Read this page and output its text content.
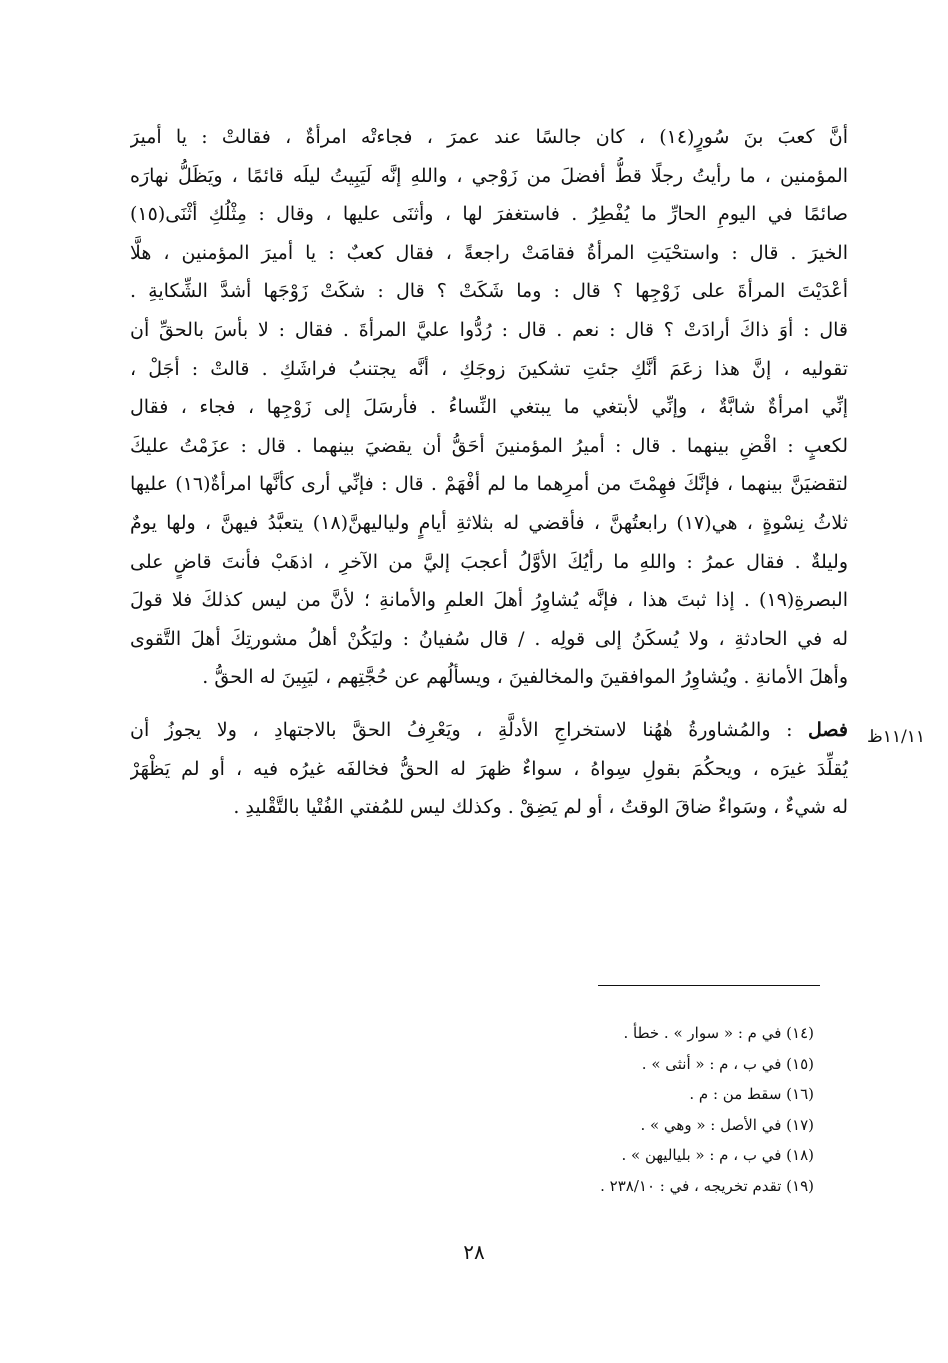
أنَّ كعبَ بنَ سُورٍ(١٤) ، كان جالسًا عند عمرَ ، فجاءتْه امرأةٌ ، فقالتْ : يا أميرَ
المؤمنين ، ما رأيتُ رجلًا قطُّ أفضلَ من زَوْجي ، واللهِ إنَّه لَيَبِيتُ ليلَه قائمًا ، ويَظَلُّ نهارَه
صائمًا في اليومِ الحارِّ ما يُفْطِرُ . فاستغفرَ لها ، وأثنَى عليها ، وقال : مِثْلُكِ أثْنَى(١٥)
الخيرَ . قال : واستحْيَتِ المرأةُ فقامَتْ راجعةً ، فقال كعبٌ : يا أميرَ المؤمنين ، هلَّا
أعْدَيْتَ المرأةَ على زَوْجِها ؟ قال : وما شَكَتْ ؟ قال : شكَتْ زَوْجَها أشدَّ الشِّكايةِ .
قال : أوَ ذاكَ أرادَتْ ؟ قال : نعم . قال : رُدُّوا عليَّ المرأةَ . فقال : لا بأسَ بالحقِّ أن
تقوليه ، إنَّ هذا زعَمَ أنَّكِ جئتِ تشكينَ زوجَكِ ، أنَّه يجتنبُ فراشَكِ . قالتْ : أجَلْ ،
إنِّي امرأةٌ شابَّةٌ ، وإنِّي لأبتغي ما يبتغي النِّساءُ . فأرسَلَ إلى زَوْجِها ، فجاء ، فقال
لكعبٍ : اقْضِ بينهما . قال : أميرُ المؤمنينَ أحَقُّ أن يقضيَ بينهما . قال : عزَمْتُ عليكَ
لتقضيَنَّ بينهما ، فإنَّكَ فهِمْتَ من أمرِهما ما لم أفْهَمْ . قال : فإنِّي أرى كأنَّها امرأةٌ(١٦) عليها
ثلاثُ نِسْوةٍ ، هي(١٧) رابعتُهنَّ ، فأقضي له بثلاثةِ أيامٍ ولياليهنَّ(١٨) يتعبَّدُ فيهنَّ ، ولها يومٌ
وليلةٌ . فقال عمرُ : واللهِ ما رأيُكَ الأوَّلُ أعجبَ إليَّ من الآخرِ ، اذهَبْ فأنتَ قاضٍ على
البصرةِ(١٩) . إذا ثبتَ هذا ، فإنَّه يُشاوِرُ أهلَ العلمِ والأمانةِ ؛ لأنَّ من ليس كذلكَ فلا قولَ
له في الحادثةِ ، ولا يُسكَنُ إلى قولِه . / قال سُفيانُ : وليَكُنْ أهلُ مشورتِكَ أهلَ التَّقوى
وأهلَ الأمانةِ . ويُشاوِرُ الموافقينَ والمخالفينَ ، ويسألُهم عن حُجَّتِهم ، ليَبِينَ له الحقُّ .
فصل : والمُشاورةُ هٰهُنا لاستخراجِ الأدلَّةِ ، ويَعْرِفُ الحقَّ بالاجتهادِ ، ولا يجوزُ أن
يُقلِّدَ غيرَه ، ويحكُمَ بقولِ سِواهُ ، سواءٌ ظهرَ له الحقُّ فخالفَه غيرُه فيه ، أو لم يَظْهَرْ
له شيءٌ ، وسَواءٌ ضاقَ الوقتُ ، أو لم يَضِقْ . وكذلك ليس للمُفتي الفُتْيا بالتَّقْليدِ .
١١/١١ظ
(١٤) في م : « سوار » . خطأ .
(١٥) في ب ، م : « أنثى » .
(١٦) سقط من : م .
(١٧) في الأصل : « وهي » .
(١٨) في ب ، م : « بلياليهن » .
(١٩) تقدم تخريجه ، في : ٢٣٨/١٠ .
٢٨
